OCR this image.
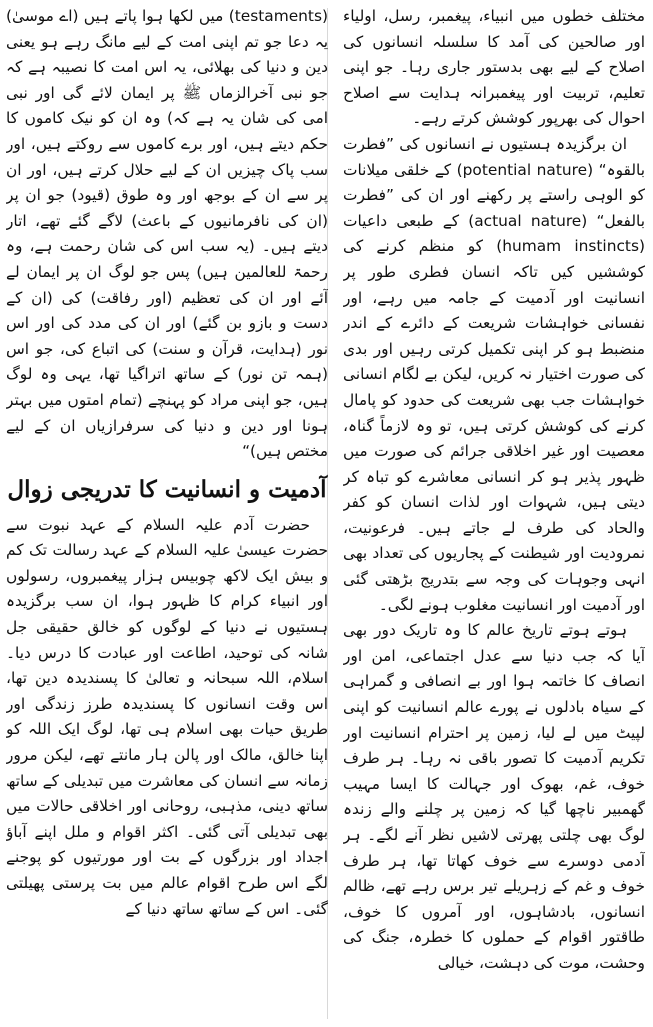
مختلف خطوں میں انبیاء، پیغمبر، رسل، اولیاء اور صالحین کی آمد کا سلسلہ انسانوں کی اصلاح کے لیے بھی بدستور جاری رہا۔ جو اپنی تعلیم، تربیت اور پیغمبرانہ ہدایت سے اصلاح احوال کی بھرپور کوشش کرتے رہے۔

ان برگزیدہ ہستیوں نے انسانوں کی ”فطرت بالقوہ“ (potential nature) کے خلقی میلانات کو الوہی راستے پر رکھنے اور ان کی ”فطرت بالفعل“ (actual nature) کے طبعی داعیات (humam instincts) کو منظم کرنے کی کوششیں کیں تاکہ انسان فطری طور پر انسانیت اور آدمیت کے جامہ میں رہے، اور نفسانی خواہشات شریعت کے دائرے کے اندر منضبط ہو کر اپنی تکمیل کرتی رہیں اور بدی کی صورت اختیار نہ کریں، لیکن بے لگام انسانی خواہشات جب بھی شریعت کی حدود کو پامال کرنے کی کوشش کرتی ہیں، تو وہ لازماً گناہ، معصیت اور غیر اخلاقی جرائم کی صورت میں ظہور پذیر ہو کر انسانی معاشرے کو تباہ کر دیتی ہیں، شہوات اور لذات انسان کو کفر والحاد کی طرف لے جاتے ہیں۔ فرعونیت، نمرودیت اور شیطنت کے پجاریوں کی تعداد بھی انہی وجوہات کی وجہ سے بتدریج بڑھتی گئی اور آدمیت اور انسانیت مغلوب ہونے لگی۔

ہوتے ہوتے تاریخ عالم کا وہ تاریک دور بھی آیا کہ جب دنیا سے عدل اجتماعی، امن اور انصاف کا خاتمہ ہوا اور بے انصافی و گمراہی کے سیاہ بادلوں نے پورے عالم انسانیت کو اپنی لپیٹ میں لے لیا، زمین پر احترام انسانیت اور تکریم آدمیت کا تصور باقی نہ رہا۔ ہر طرف خوف، غم، بھوک اور جہالت کا ایسا مہیب گھمبیر ناچھا گیا کہ زمین پر چلنے والے زندہ لوگ بھی چلتی پھرتی لاشیں نظر آنے لگے۔ ہر آدمی دوسرے سے خوف کھاتا تھا، ہر طرف خوف و غم کے زہریلے تیر برس رہے تھے، ظالم انسانوں، بادشاہوں، اور آمروں کا خوف، طاقتور اقوام کے حملوں کا خطرہ، جنگ کی وحشت، موت کی دہشت، خیالی

(testaments) میں لکھا ہوا پاتے ہیں (اے موسیٰ) یہ دعا جو تم اپنی امت کے لیے مانگ رہے ہو یعنی دین و دنیا کی بھلائی، یہ اس امت کا نصیبہ ہے کہ جو نبی آخرالزماں ﷺ پر ایمان لائے گی اور نبی امی کی شان یہ ہے کہ) وہ ان کو نیک کاموں کا حکم دیتے ہیں، اور برے کاموں سے روکتے ہیں، اور سب پاک چیزیں ان کے لیے حلال کرتے ہیں، اور ان پر سے ان کے بوجھ اور وہ طوق (قیود) جو ان پر (ان کی نافرمانیوں کے باعث) لاگے گئے تھے، اتار دیتے ہیں۔ (یہ سب اس کی شان رحمت ہے، وہ رحمۃ للعالمین ہیں) پس جو لوگ ان پر ایمان لے آئے اور ان کی تعظیم (اور رفاقت) کی (ان کے دست و بازو بن گئے) اور ان کی مدد کی اور اس نور (ہدایت، قرآن و سنت) کی اتباع کی، جو اس (ہمہ تن نور) کے ساتھ اتراگیا تھا، یہی وہ لوگ ہیں، جو اپنی مراد کو پہنچے (تمام امتوں میں بہتر ہونا اور دین و دنیا کی سرفرازیاں ان کے لیے مختص ہیں)“

آدمیت و انسانیت کا تدریجی زوال

حضرت آدم علیہ السلام کے عہد نبوت سے حضرت عیسیٰ علیہ السلام کے عہد رسالت تک کم و بیش ایک لاکھ چوبیس ہزار پیغمبروں، رسولوں اور انبیاء کرام کا ظہور ہوا، ان سب برگزیدہ ہستیوں نے دنیا کے لوگوں کو خالق حقیقی جل شانہ کی توحید، اطاعت اور عبادت کا درس دیا۔ اسلام، اللہ سبحانہ و تعالیٰ کا پسندیدہ دین تھا، اس وقت انسانوں کا پسندیدہ طرز زندگی اور طریق حیات بھی اسلام ہی تھا، لوگ ایک اللہ کو اپنا خالق، مالک اور پالن ہار مانتے تھے، لیکن مرور زمانہ سے انسان کی معاشرت میں تبدیلی کے ساتھ ساتھ دینی، مذہبی، روحانی اور اخلاقی حالات میں بھی تبدیلی آتی گئی۔ اکثر اقوام و ملل اپنے آباؤ اجداد اور بزرگوں کے بت اور مورتیوں کو پوجنے لگے اس طرح اقوام عالم میں بت پرستی پھیلتی گئی۔ اس کے ساتھ ساتھ دنیا کے
